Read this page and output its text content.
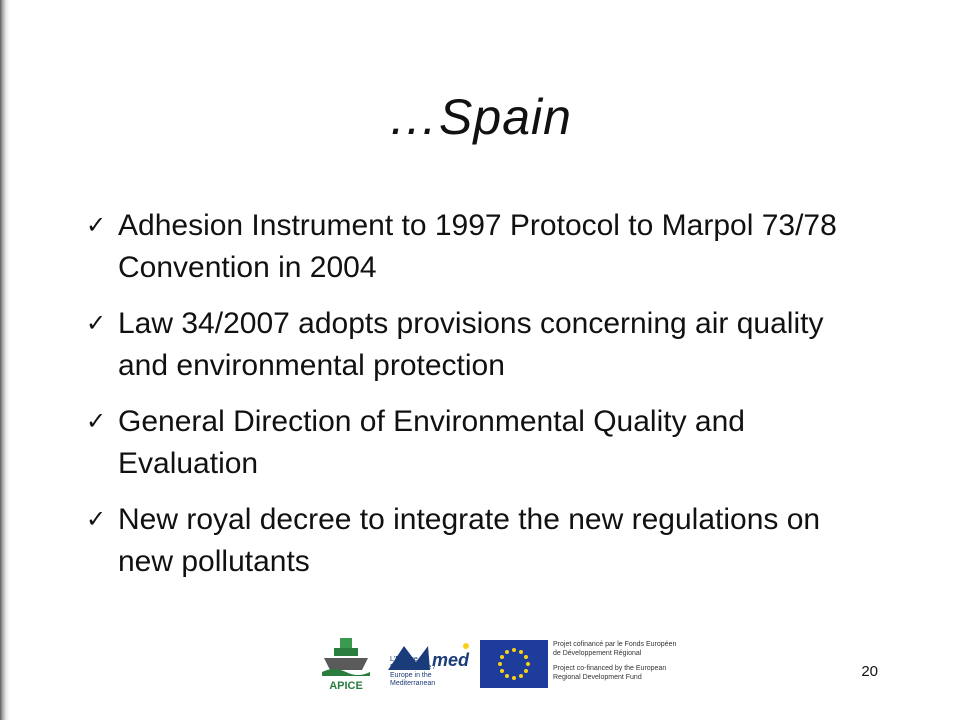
…Spain
✓ Adhesion Instrument to 1997 Protocol to Marpol 73/78 Convention in 2004
✓ Law 34/2007 adopts provisions concerning air quality and environmental protection
✓ General Direction of Environmental Quality and Evaluation
✓ New royal decree to integrate the new regulations on new pollutants
APICE
med
L'Europe en Méditerranée / Europe in the Mediterranean
Projet cofinancé par le Fonds Européen de Développement Régional
Project co-financed by the European Regional Development Fund	20
